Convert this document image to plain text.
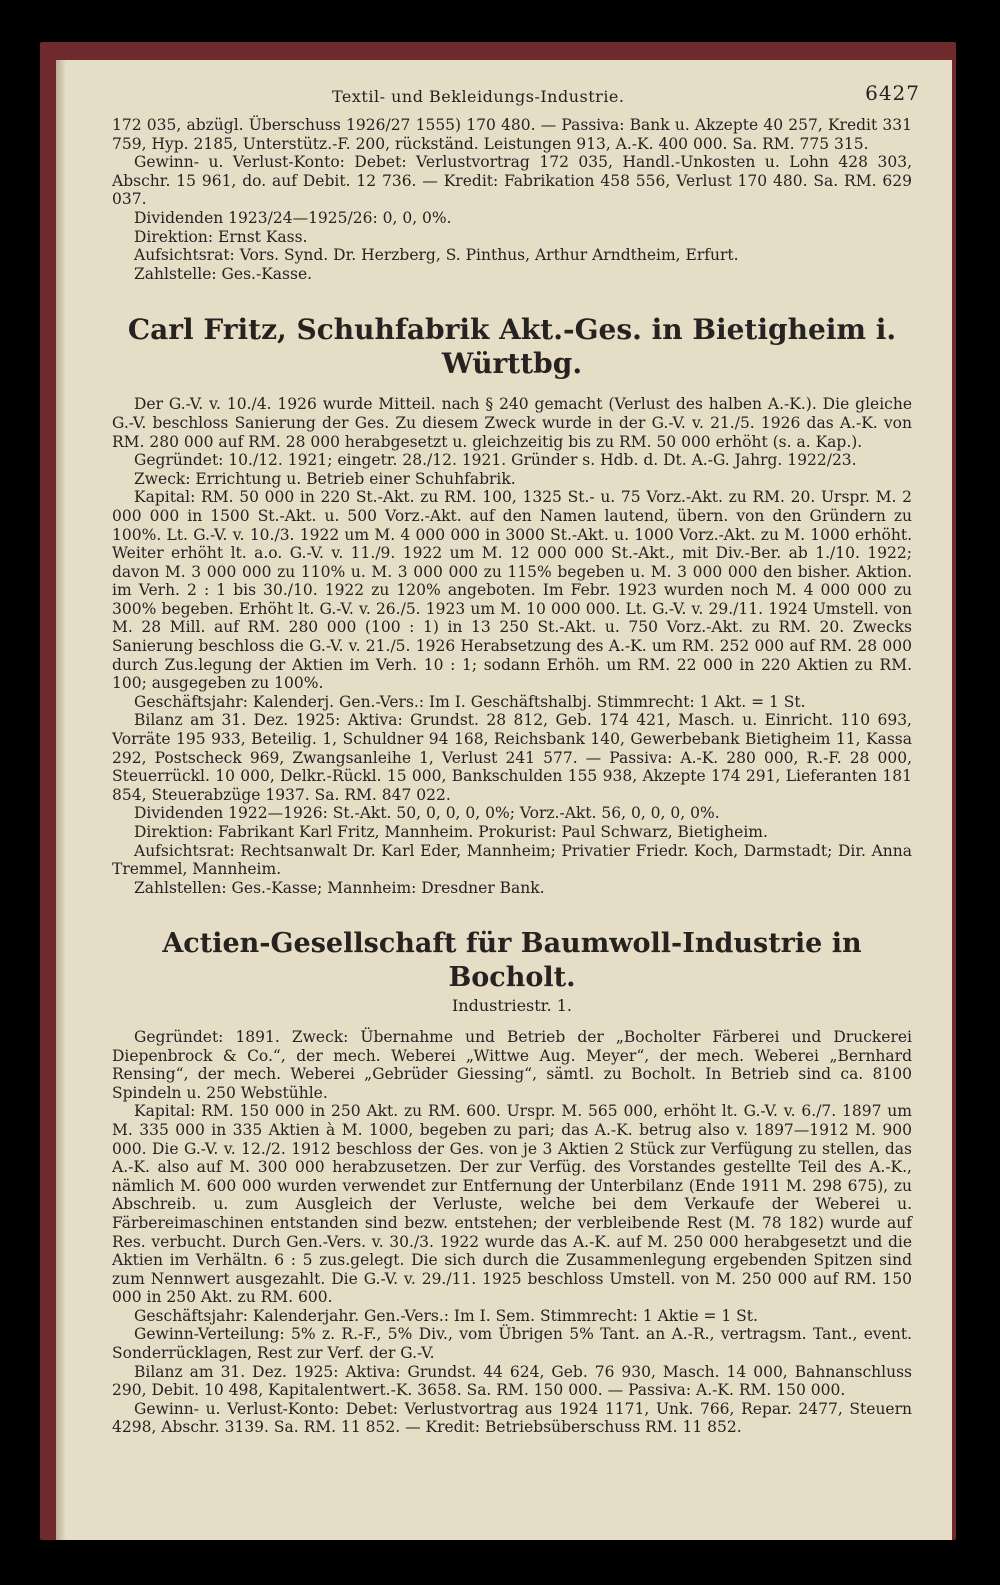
Textil- und Bekleidungs-Industrie.	6427

172 035, abzügl. Überschuss 1926/27 1555) 170 480. — Passiva: Bank u. Akzepte 40 257, Kredit 331 759, Hyp. 2185, Unterstütz.-F. 200, rückständ. Leistungen 913, A.-K. 400 000. Sa. RM. 775 315.

Gewinn- u. Verlust-Konto: Debet: Verlustvortrag 172 035, Handl.-Unkosten u. Lohn 428 303, Abschr. 15 961, do. auf Debit. 12 736. — Kredit: Fabrikation 458 556, Verlust 170 480. Sa. RM. 629 037.

Dividenden 1923/24—1925/26: 0, 0, 0%.

Direktion: Ernst Kass.

Aufsichtsrat: Vors. Synd. Dr. Herzberg, S. Pinthus, Arthur Arndtheim, Erfurt.

Zahlstelle: Ges.-Kasse.

Carl Fritz, Schuhfabrik Akt.-Ges. in Bietigheim i. Württbg.

Der G.-V. v. 10./4. 1926 wurde Mitteil. nach § 240 gemacht (Verlust des halben A.-K.). Die gleiche G.-V. beschloss Sanierung der Ges. Zu diesem Zweck wurde in der G.-V. v. 21./5. 1926 das A.-K. von RM. 280 000 auf RM. 28 000 herabgesetzt u. gleichzeitig bis zu RM. 50 000 erhöht (s. a. Kap.).

Gegründet: 10./12. 1921; eingetr. 28./12. 1921. Gründer s. Hdb. d. Dt. A.-G. Jahrg. 1922/23.

Zweck: Errichtung u. Betrieb einer Schuhfabrik.

Kapital: RM. 50 000 in 220 St.-Akt. zu RM. 100, 1325 St.- u. 75 Vorz.-Akt. zu RM. 20. Urspr. M. 2 000 000 in 1500 St.-Akt. u. 500 Vorz.-Akt. auf den Namen lautend, übern. von den Gründern zu 100%. Lt. G.-V. v. 10./3. 1922 um M. 4 000 000 in 3000 St.-Akt. u. 1000 Vorz.-Akt. zu M. 1000 erhöht. Weiter erhöht lt. a.o. G.-V. v. 11./9. 1922 um M. 12 000 000 St.-Akt., mit Div.-Ber. ab 1./10. 1922; davon M. 3 000 000 zu 110% u. M. 3 000 000 zu 115% begeben u. M. 3 000 000 den bisher. Aktion. im Verh. 2 : 1 bis 30./10. 1922 zu 120% angeboten. Im Febr. 1923 wurden noch M. 4 000 000 zu 300% begeben. Erhöht lt. G.-V. v. 26./5. 1923 um M. 10 000 000. Lt. G.-V. v. 29./11. 1924 Umstell. von M. 28 Mill. auf RM. 280 000 (100 : 1) in 13 250 St.-Akt. u. 750 Vorz.-Akt. zu RM. 20. Zwecks Sanierung beschloss die G.-V. v. 21./5. 1926 Herabsetzung des A.-K. um RM. 252 000 auf RM. 28 000 durch Zus.legung der Aktien im Verh. 10 : 1; sodann Erhöh. um RM. 22 000 in 220 Aktien zu RM. 100; ausgegeben zu 100%.

Geschäftsjahr: Kalenderj. Gen.-Vers.: Im I. Geschäftshalbj. Stimmrecht: 1 Akt. = 1 St.

Bilanz am 31. Dez. 1925: Aktiva: Grundst. 28 812, Geb. 174 421, Masch. u. Einricht. 110 693, Vorräte 195 933, Beteilig. 1, Schuldner 94 168, Reichsbank 140, Gewerbebank Bietigheim 11, Kassa 292, Postscheck 969, Zwangsanleihe 1, Verlust 241 577. — Passiva: A.-K. 280 000, R.-F. 28 000, Steuerrückl. 10 000, Delkr.-Rückl. 15 000, Bankschulden 155 938, Akzepte 174 291, Lieferanten 181 854, Steuerabzüge 1937. Sa. RM. 847 022.

Dividenden 1922—1926: St.-Akt. 50, 0, 0, 0, 0%; Vorz.-Akt. 56, 0, 0, 0, 0%.

Direktion: Fabrikant Karl Fritz, Mannheim. Prokurist: Paul Schwarz, Bietigheim.

Aufsichtsrat: Rechtsanwalt Dr. Karl Eder, Mannheim; Privatier Friedr. Koch, Darmstadt; Dir. Anna Tremmel, Mannheim.

Zahlstellen: Ges.-Kasse; Mannheim: Dresdner Bank.

Actien-Gesellschaft für Baumwoll-Industrie in Bocholt.
Industriestr. 1.

Gegründet: 1891. Zweck: Übernahme und Betrieb der „Bocholter Färberei und Druckerei Diepenbrock & Co.“, der mech. Weberei „Wittwe Aug. Meyer“, der mech. Weberei „Bernhard Rensing“, der mech. Weberei „Gebrüder Giessing“, sämtl. zu Bocholt. In Betrieb sind ca. 8100 Spindeln u. 250 Webstühle.

Kapital: RM. 150 000 in 250 Akt. zu RM. 600. Urspr. M. 565 000, erhöht lt. G.-V. v. 6./7. 1897 um M. 335 000 in 335 Aktien à M. 1000, begeben zu pari; das A.-K. betrug also v. 1897—1912 M. 900 000. Die G.-V. v. 12./2. 1912 beschloss der Ges. von je 3 Aktien 2 Stück zur Verfügung zu stellen, das A.-K. also auf M. 300 000 herabzusetzen. Der zur Verfüg. des Vorstandes gestellte Teil des A.-K., nämlich M. 600 000 wurden verwendet zur Entfernung der Unterbilanz (Ende 1911 M. 298 675), zu Abschreib. u. zum Ausgleich der Verluste, welche bei dem Verkaufe der Weberei u. Färbereimaschinen entstanden sind bezw. entstehen; der verbleibende Rest (M. 78 182) wurde auf Res. verbucht. Durch Gen.-Vers. v. 30./3. 1922 wurde das A.-K. auf M. 250 000 herabgesetzt und die Aktien im Verhältn. 6 : 5 zus.gelegt. Die sich durch die Zusammenlegung ergebenden Spitzen sind zum Nennwert ausgezahlt. Die G.-V. v. 29./11. 1925 beschloss Umstell. von M. 250 000 auf RM. 150 000 in 250 Akt. zu RM. 600.

Geschäftsjahr: Kalenderjahr. Gen.-Vers.: Im I. Sem. Stimmrecht: 1 Aktie = 1 St.

Gewinn-Verteilung: 5% z. R.-F., 5% Div., vom Übrigen 5% Tant. an A.-R., vertragsm. Tant., event. Sonderrücklagen, Rest zur Verf. der G.-V.

Bilanz am 31. Dez. 1925: Aktiva: Grundst. 44 624, Geb. 76 930, Masch. 14 000, Bahnanschluss 290, Debit. 10 498, Kapitalentwert.-K. 3658. Sa. RM. 150 000. — Passiva: A.-K. RM. 150 000.

Gewinn- u. Verlust-Konto: Debet: Verlustvortrag aus 1924 1171, Unk. 766, Repar. 2477, Steuern 4298, Abschr. 3139. Sa. RM. 11 852. — Kredit: Betriebsüberschuss RM. 11 852.
